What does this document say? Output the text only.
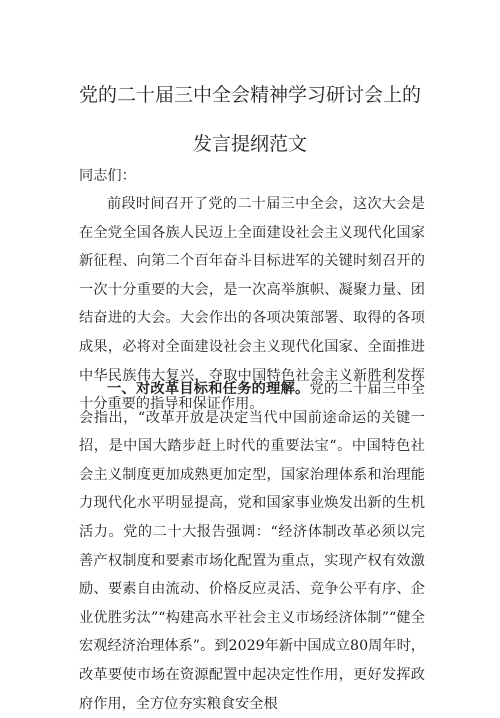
党的二十届三中全会精神学习研讨会上的
发言提纲范文

同志们：

前段时间召开了党的二十届三中全会，这次大会是在全党全国各族人民迈上全面建设社会主义现代化国家新征程、向第二个百年奋斗目标进军的关键时刻召开的一次十分重要的大会，是一次高举旗帜、凝聚力量、团结奋进的大会。大会作出的各项决策部署、取得的各项成果，必将对全面建设社会主义现代化国家、全面推进中华民族伟大复兴，夺取中国特色社会主义新胜利发挥十分重要的指导和保证作用。

一、对改革目标和任务的理解。党的二十届三中全会指出，“改革开放是决定当代中国前途命运的关键一招，是中国大踏步赶上时代的重要法宝“。中国特色社会主义制度更加成熟更加定型，国家治理体系和治理能力现代化水平明显提高，党和国家事业焕发出新的生机活力。党的二十大报告强调：“经济体制改革必须以完善产权制度和要素市场化配置为重点，实现产权有效激励、要素自由流动、价格反应灵活、竞争公平有序、企业优胜劣汰”“构建高水平社会主义市场经济体制”“健全宏观经济治理体系”。到2029年新中国成立80周年时，改革要使市场在资源配置中起决定性作用，更好发挥政府作用，全方位夯实粮食安全根
